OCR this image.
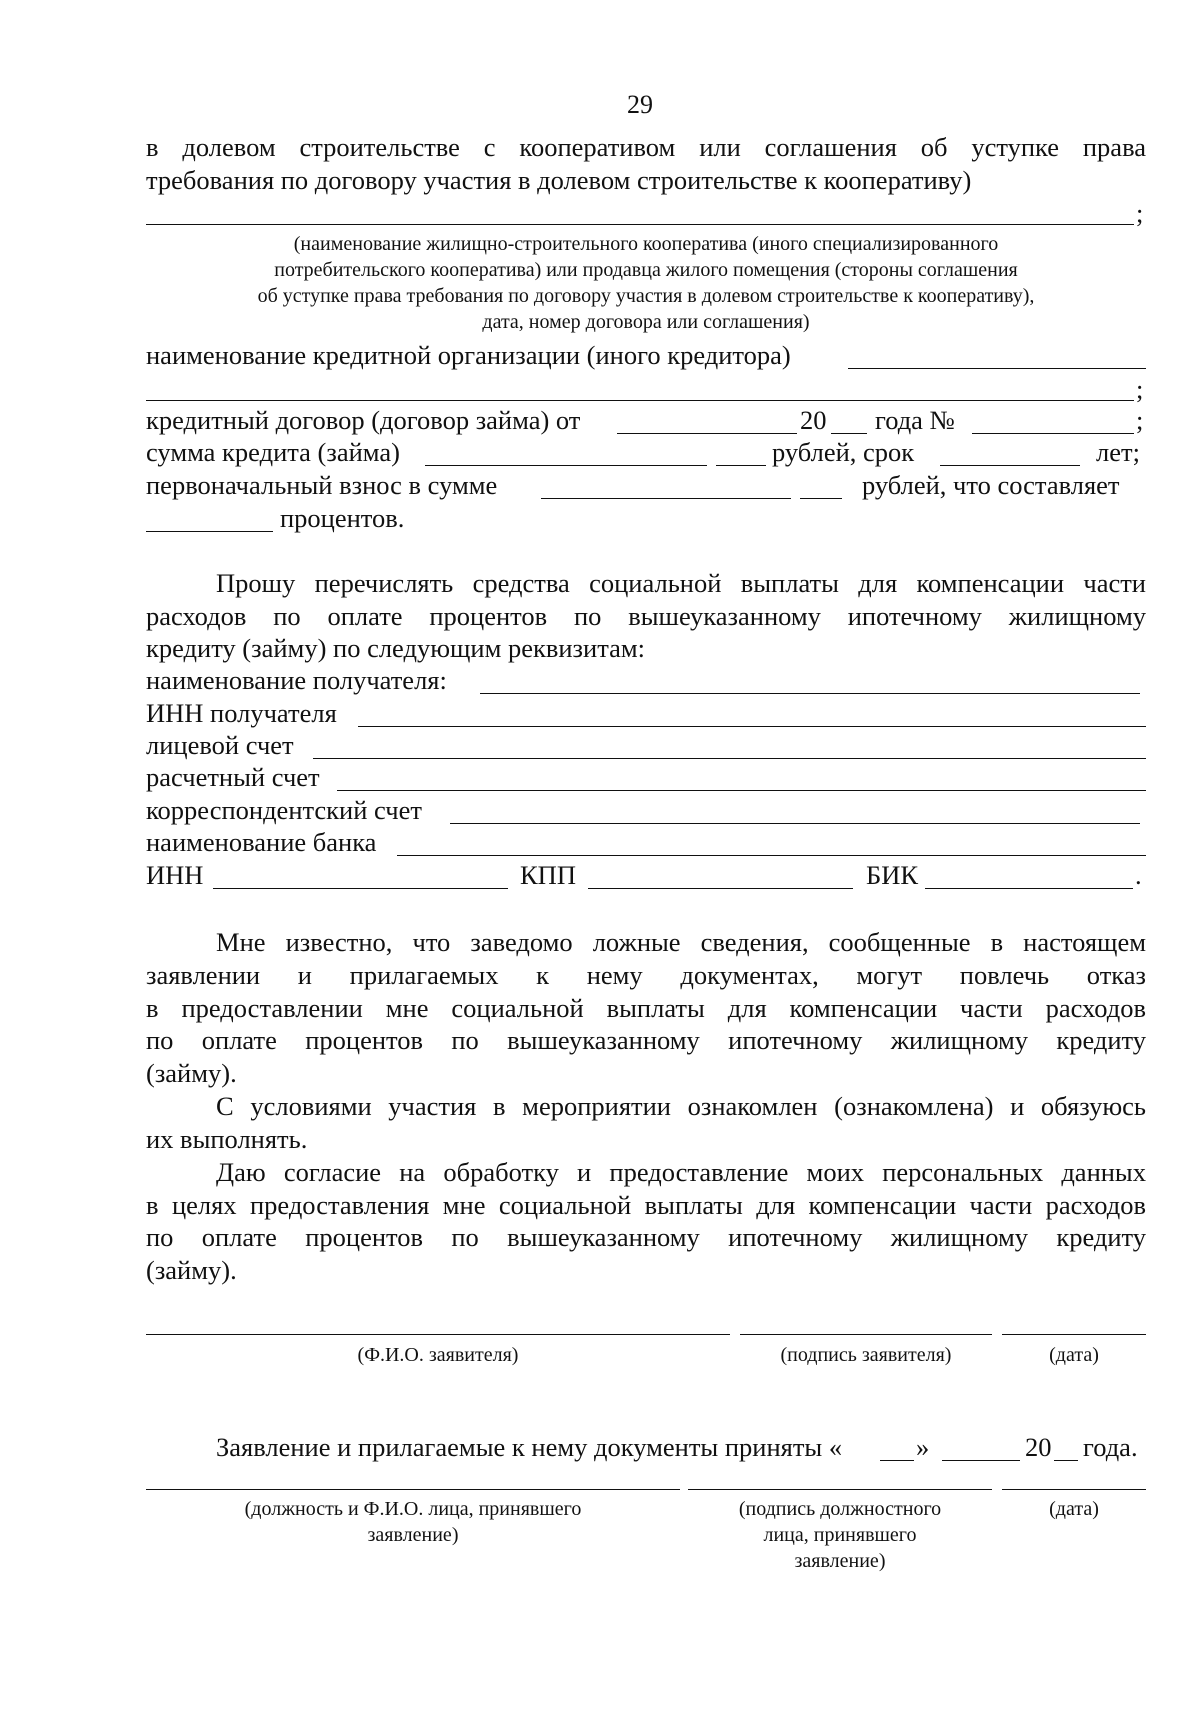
29
в долевом строительстве с кооперативом или соглашения об уступке права
требования по договору участия в долевом строительстве к кооперативу)
;
(наименование жилищно-строительного кооператива (иного специализированного
потребительского кооператива) или продавца жилого помещения (стороны соглашения
об уступке права требования по договору участия в долевом строительстве к кооперативу),
дата, номер договора или соглашения)
наименование кредитной организации (иного кредитора)
;
кредитный договор (договор займа) от	20 года №	;
сумма кредита (займа)	рублей, срок	лет;
первоначальный взнос в сумме	рублей, что составляет
процентов.
Прошу перечислять средства социальной выплаты для компенсации части
расходов по оплате процентов по вышеуказанному ипотечному жилищному
кредиту (займу) по следующим реквизитам:
наименование получателя:
ИНН получателя
лицевой счет
расчетный счет
корреспондентский счет
наименование банка
ИНН	КПП	БИК	.
Мне известно, что заведомо ложные сведения, сообщенные в настоящем
заявлении и прилагаемых к нему документах, могут повлечь отказ
в предоставлении мне социальной выплаты для компенсации части расходов
по оплате процентов по вышеуказанному ипотечному жилищному кредиту
(займу).
С условиями участия в мероприятии ознакомлен (ознакомлена) и обязуюсь
их выполнять.
Даю согласие на обработку и предоставление моих персональных данных
в целях предоставления мне социальной выплаты для компенсации части расходов
по оплате процентов по вышеуказанному ипотечному жилищному кредиту
(займу).
(Ф.И.О. заявителя)	(подпись заявителя)	(дата)
Заявление и прилагаемые к нему документы приняты «	»	20 года.
(должность и Ф.И.О. лица, принявшего
заявление)
(подпись должностного
лица, принявшего
заявление)
(дата)
